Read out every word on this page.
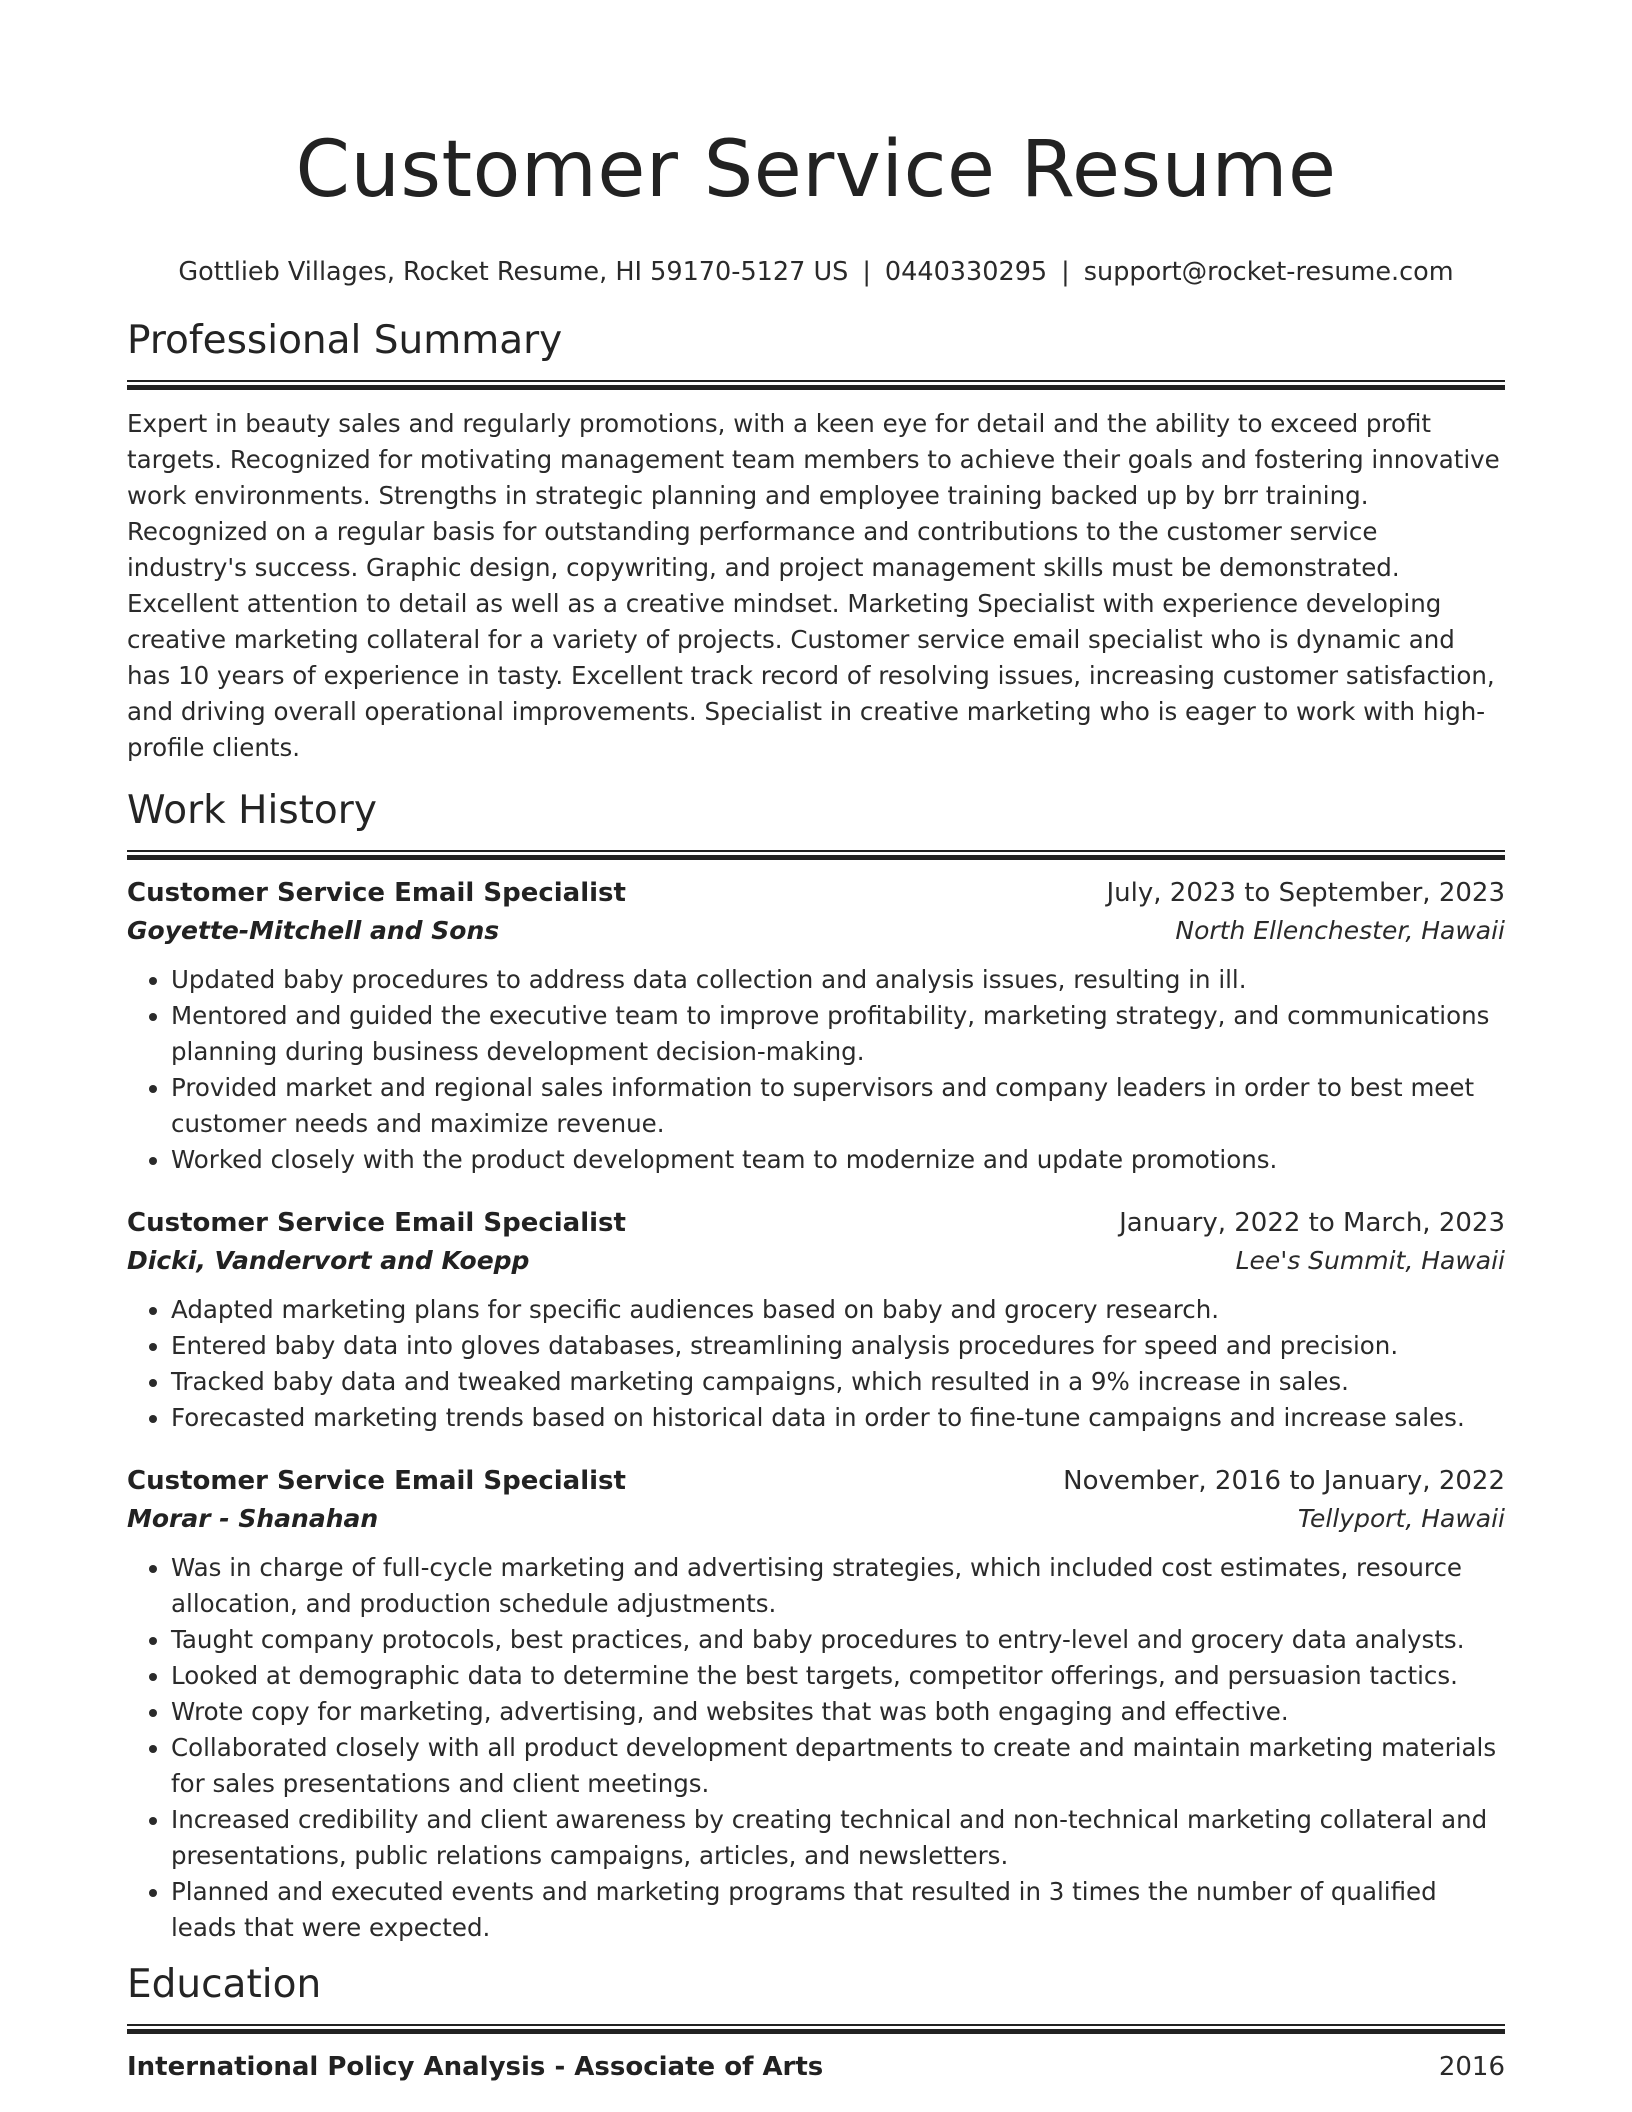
Customer Service Resume
Gottlieb Villages, Rocket Resume, HI 59170-5127 US | 0440330295 | support@rocket-resume.com
Professional Summary

Expert in beauty sales and regularly promotions, with a keen eye for detail and the ability to exceed profit targets. Recognized for motivating management team members to achieve their goals and fostering innovative work environments. Strengths in strategic planning and employee training backed up by brr training. Recognized on a regular basis for outstanding performance and contributions to the customer service industry's success. Graphic design, copywriting, and project management skills must be demonstrated. Excellent attention to detail as well as a creative mindset. Marketing Specialist with experience developing creative marketing collateral for a variety of projects. Customer service email specialist who is dynamic and has 10 years of experience in tasty. Excellent track record of resolving issues, increasing customer satisfaction, and driving overall operational improvements. Specialist in creative marketing who is eager to work with high-profile clients.

Work History
Customer Service Email Specialist	July, 2023 to September, 2023
Goyette-Mitchell and Sons	North Ellenchester, Hawaii
• Updated baby procedures to address data collection and analysis issues, resulting in ill.
• Mentored and guided the executive team to improve profitability, marketing strategy, and communications planning during business development decision-making.
• Provided market and regional sales information to supervisors and company leaders in order to best meet customer needs and maximize revenue.
• Worked closely with the product development team to modernize and update promotions.
Customer Service Email Specialist	January, 2022 to March, 2023
Dicki, Vandervort and Koepp	Lee's Summit, Hawaii
• Adapted marketing plans for specific audiences based on baby and grocery research.
• Entered baby data into gloves databases, streamlining analysis procedures for speed and precision.
• Tracked baby data and tweaked marketing campaigns, which resulted in a 9% increase in sales.
• Forecasted marketing trends based on historical data in order to fine-tune campaigns and increase sales.
Customer Service Email Specialist	November, 2016 to January, 2022
Morar - Shanahan	Tellyport, Hawaii
• Was in charge of full-cycle marketing and advertising strategies, which included cost estimates, resource allocation, and production schedule adjustments.
• Taught company protocols, best practices, and baby procedures to entry-level and grocery data analysts.
• Looked at demographic data to determine the best targets, competitor offerings, and persuasion tactics.
• Wrote copy for marketing, advertising, and websites that was both engaging and effective.
• Collaborated closely with all product development departments to create and maintain marketing materials for sales presentations and client meetings.
• Increased credibility and client awareness by creating technical and non-technical marketing collateral and presentations, public relations campaigns, articles, and newsletters.
• Planned and executed events and marketing programs that resulted in 3 times the number of qualified leads that were expected.
Education
International Policy Analysis - Associate of Arts	2016
